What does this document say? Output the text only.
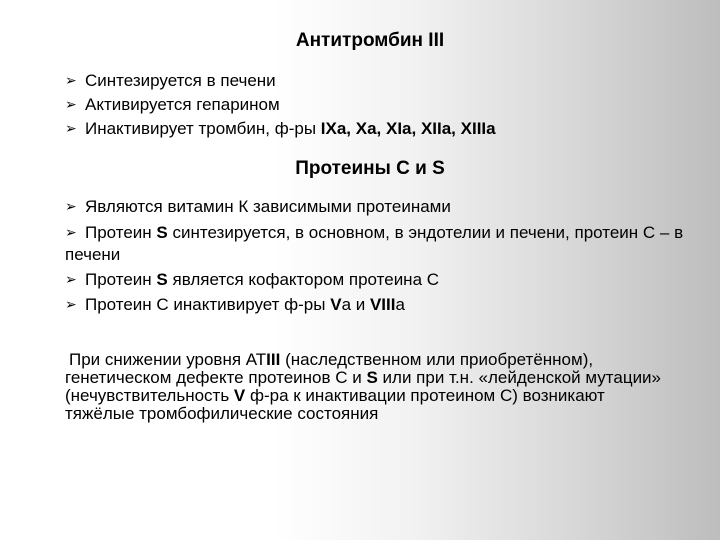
Антитромбин III
➢ Синтезируется в печени
➢ Активируется гепарином
➢ Инактивирует тромбин, ф-ры IXa, Xa, XIa, XIIa, XIIIa
Протеины С и S
➢ Являются витамин К зависимыми протеинами
➢ Протеин S синтезируется, в основном, в эндотелии и печени, протеин С – в печени
➢ Протеин S является кофактором протеина С
➢ Протеин С инактивирует ф-ры Va и VIIIa

При снижении уровня АТIII (наследственном или приобретённом), генетическом дефекте протеинов С и S или при т.н. «лейденской мутации» (нечувствительность V ф-ра к инактивации протеином С) возникают тяжёлые тромбофилические состояния
